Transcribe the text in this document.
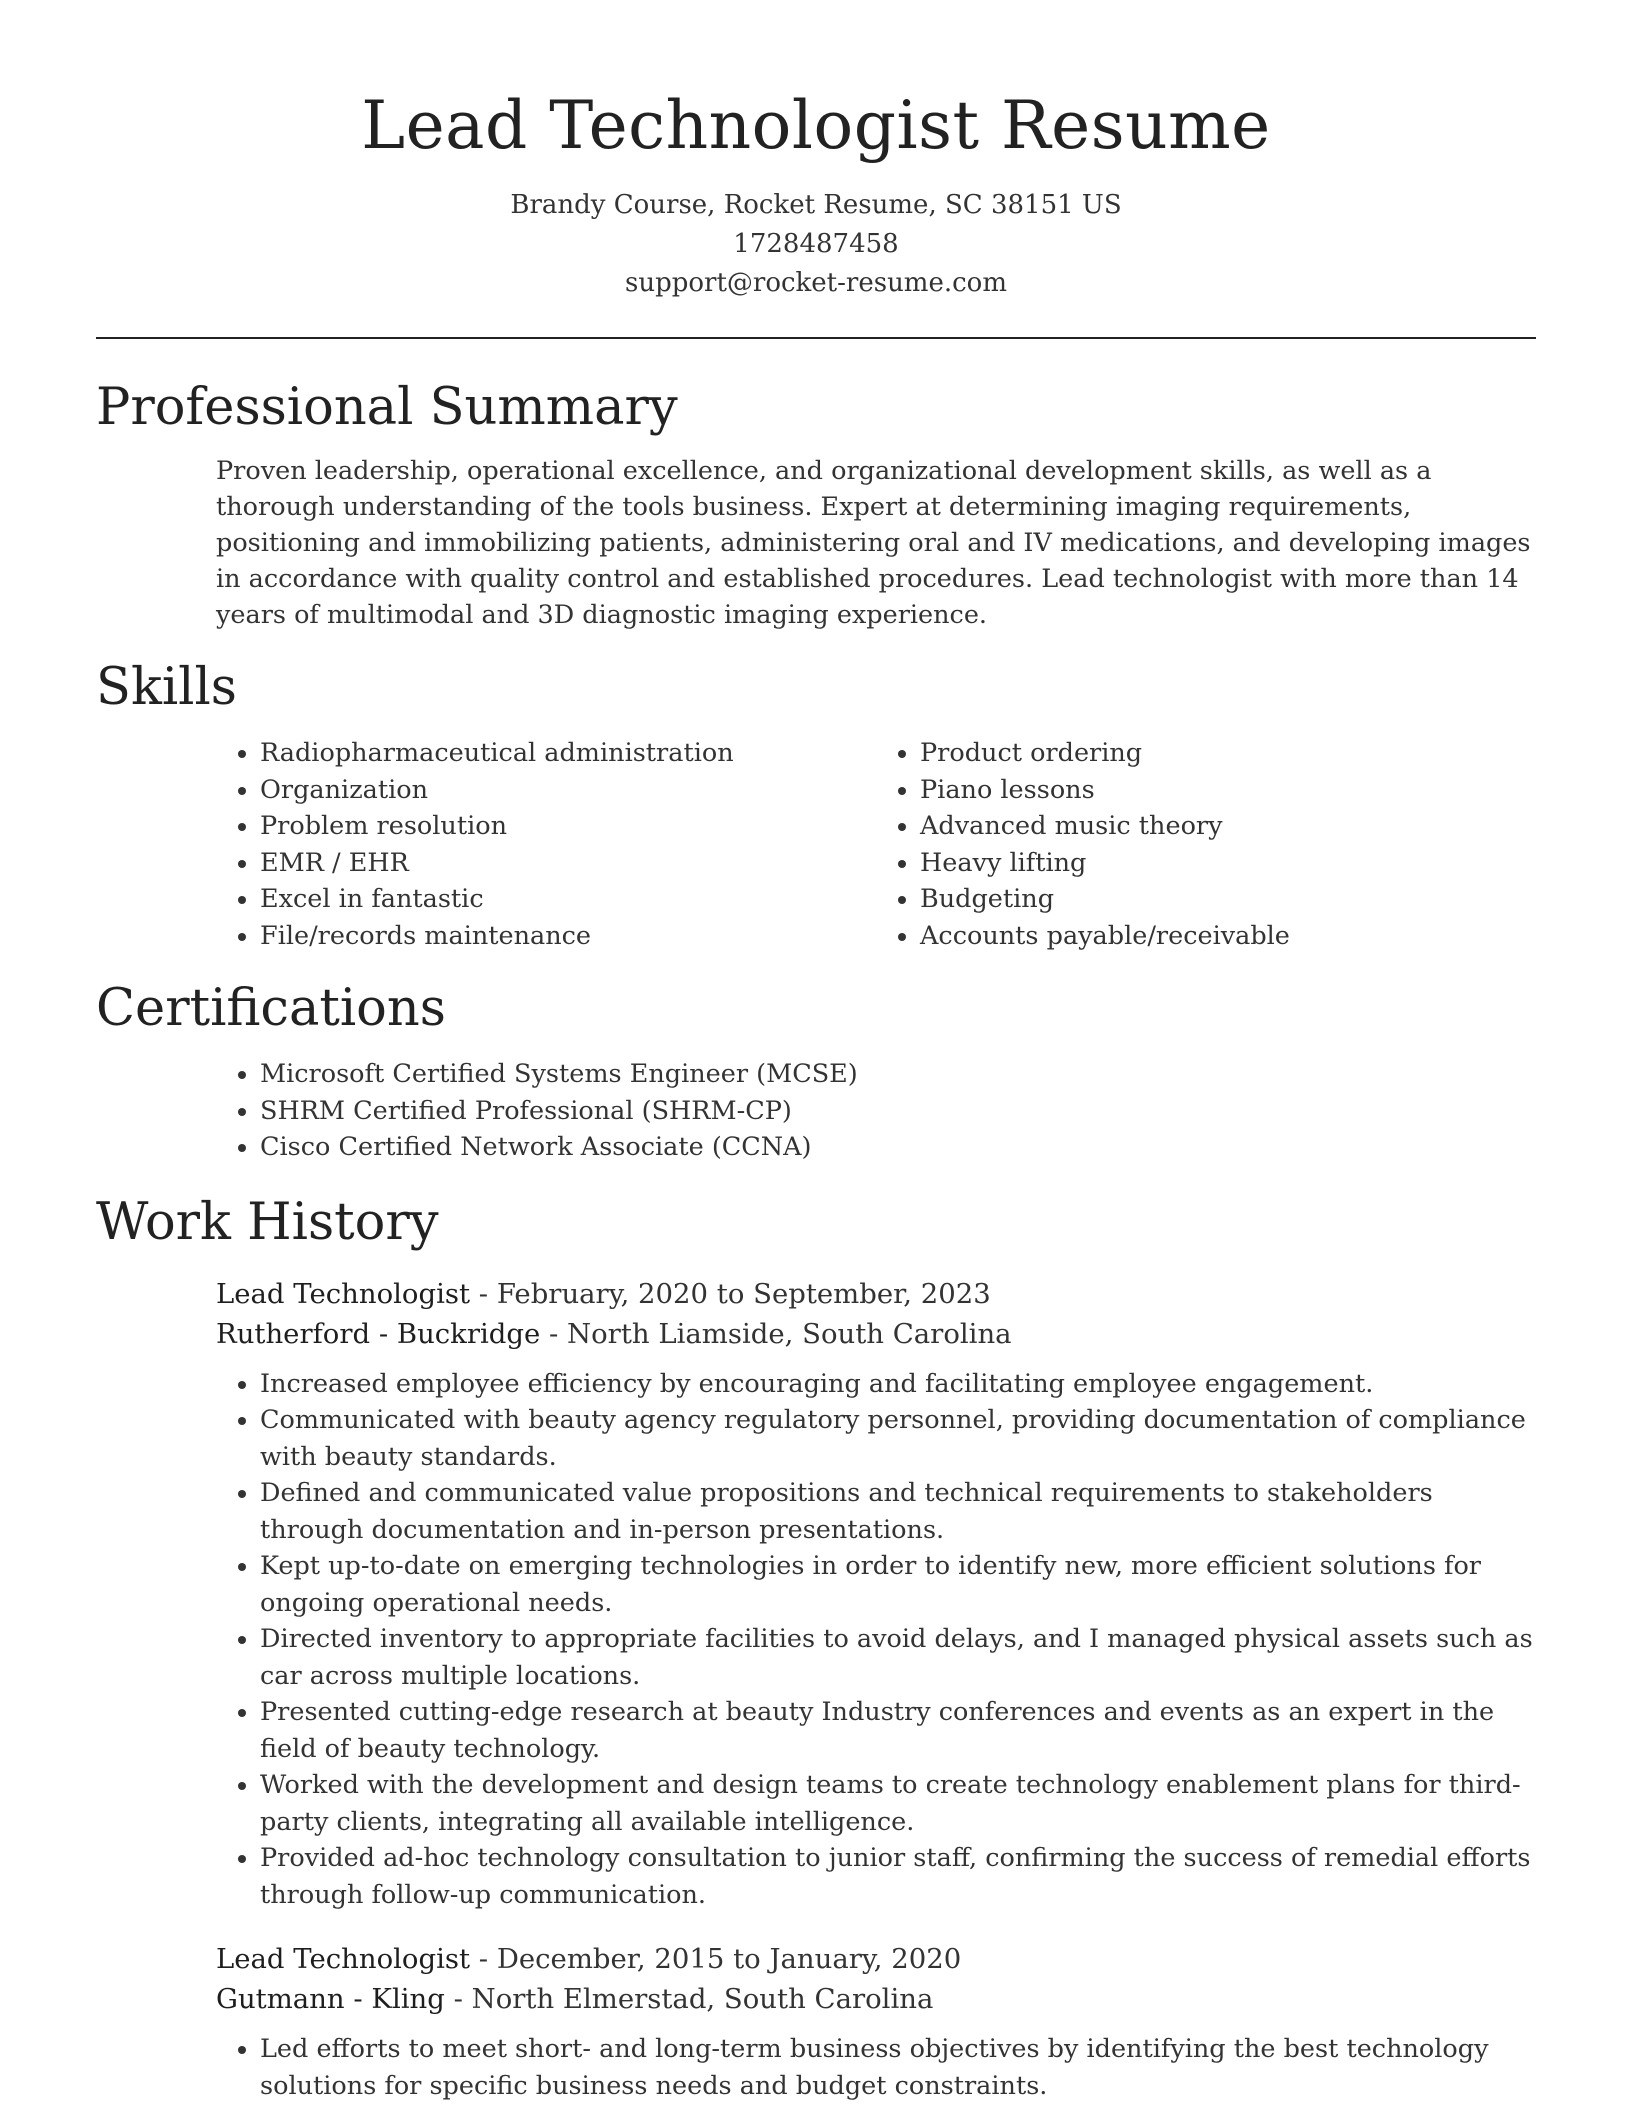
Lead Technologist Resume
Brandy Course, Rocket Resume, SC 38151 US
1728487458
support@rocket-resume.com
Professional Summary

Proven leadership, operational excellence, and organizational development skills, as well as a thorough understanding of the tools business. Expert at determining imaging requirements, positioning and immobilizing patients, administering oral and IV medications, and developing images in accordance with quality control and established procedures. Lead technologist with more than 14 years of multimodal and 3D diagnostic imaging experience.

Skills
• Radiopharmaceutical administration
• Organization
• Problem resolution
• EMR / EHR
• Excel in fantastic
• File/records maintenance
• Product ordering
• Piano lessons
• Advanced music theory
• Heavy lifting
• Budgeting
• Accounts payable/receivable
Certifications
• Microsoft Certified Systems Engineer (MCSE)
• SHRM Certified Professional (SHRM-CP)
• Cisco Certified Network Associate (CCNA)
Work History
Lead Technologist - February, 2020 to September, 2023
Rutherford - Buckridge - North Liamside, South Carolina
• Increased employee efficiency by encouraging and facilitating employee engagement.
• Communicated with beauty agency regulatory personnel, providing documentation of compliance with beauty standards.
• Defined and communicated value propositions and technical requirements to stakeholders through documentation and in-person presentations.
• Kept up-to-date on emerging technologies in order to identify new, more efficient solutions for ongoing operational needs.
• Directed inventory to appropriate facilities to avoid delays, and I managed physical assets such as car across multiple locations.
• Presented cutting-edge research at beauty Industry conferences and events as an expert in the field of beauty technology.
• Worked with the development and design teams to create technology enablement plans for third-party clients, integrating all available intelligence.
• Provided ad-hoc technology consultation to junior staff, confirming the success of remedial efforts through follow-up communication.
Lead Technologist - December, 2015 to January, 2020
Gutmann - Kling - North Elmerstad, South Carolina
• Led efforts to meet short- and long-term business objectives by identifying the best technology solutions for specific business needs and budget constraints.
